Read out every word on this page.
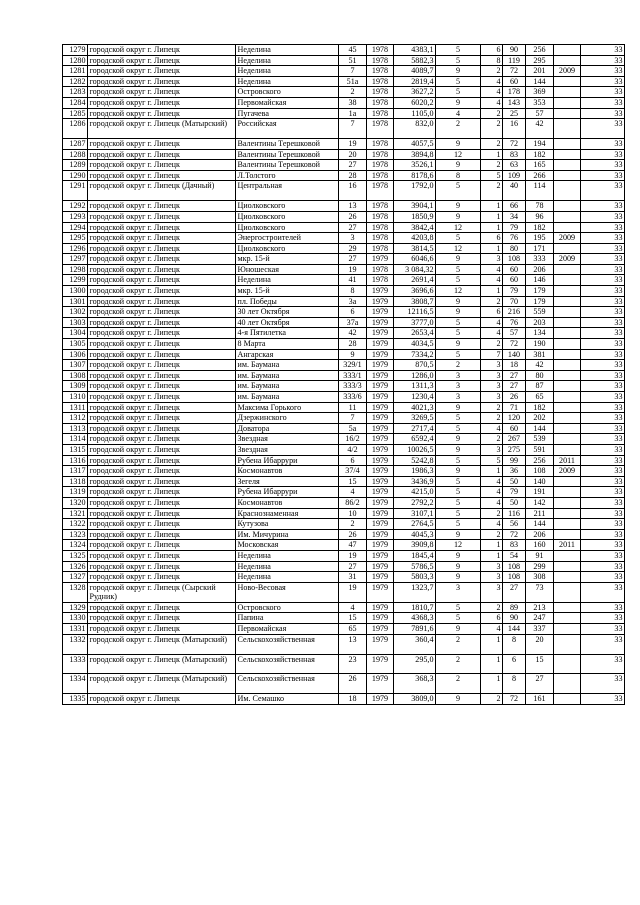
1279	городской округ г. Липецк	Неделина	45	1978	4383,1	5	6	90	256		33
1280	городской округ г. Липецк	Неделина	51	1978	5882,3	5	8	119	295		33
1281	городской округ г. Липецк	Неделина	7	1978	4089,7	9	2	72	201	2009	33
1282	городской округ г. Липецк	Неделина	51а	1978	2819,4	5	4	60	144		33
1283	городской округ г. Липецк	Островского	2	1978	3627,2	5	4	178	369		33
1284	городской округ г. Липецк	Первомайская	38	1978	6020,2	9	4	143	353		33
1285	городской округ г. Липецк	Пугачева	1а	1978	1105,0	4	2	25	57		33
1286	городской округ г. Липецк (Матырский)	Российская	7	1978	832,0	2	2	16	42		33
1287	городской округ г. Липецк	Валентины Терешковой	19	1978	4057,5	9	2	72	194		33
1288	городской округ г. Липецк	Валентины Терешковой	20	1978	3894,8	12	1	83	182		33
1289	городской округ г. Липецк	Валентины Терешковой	27	1978	3526,1	9	2	63	165		33
1290	городской округ г. Липецк	Л.Толстого	28	1978	8178,6	8	5	109	266		33
1291	городской округ г. Липецк (Дачный)	Центральная	16	1978	1792,0	5	2	40	114		33
1292	городской округ г. Липецк	Циолковского	13	1978	3904,1	9	1	66	78		33
1293	городской округ г. Липецк	Циолковского	26	1978	1850,9	9	1	34	96		33
1294	городской округ г. Липецк	Циолковского	27	1978	3842,4	12	1	79	182		33
1295	городской округ г. Липецк	Энергостроителей	3	1978	4203,8	5	6	76	195	2009	33
1296	городской округ г. Липецк	Циолковского	29	1978	3814,5	12	1	80	171		33
1297	городской округ г. Липецк	мкр. 15-й	27	1979	6046,6	9	3	108	333	2009	33
1298	городской округ г. Липецк	Юношеская	19	1978	3 084,32	5	4	60	206		33
1299	городской округ г. Липецк	Неделина	41	1978	2691,4	5	4	60	146		33
1300	городской округ г. Липецк	мкр. 15-й	8	1979	3696,6	12	1	79	179		33
1301	городской округ г. Липецк	пл. Победы	3а	1979	3808,7	9	2	70	179		33
1302	городской округ г. Липецк	30 лет Октября	6	1979	12116,5	9	6	216	559		33
1303	городской округ г. Липецк	40 лет Октября	37а	1979	3777,0	5	4	76	203		33
1304	городской округ г. Липецк	4-я Пятилетка	42	1979	2653,4	5	4	57	134		33
1305	городской округ г. Липецк	8 Марта	28	1979	4034,5	9	2	72	190		33
1306	городской округ г. Липецк	Ангарская	9	1979	7334,2	5	7	140	381		33
1307	городской округ г. Липецк	им. Баумана	329/1	1979	870,5	2	3	18	42		33
1308	городской округ г. Липецк	им. Баумана	333/1	1979	1286,0	3	3	27	80		33
1309	городской округ г. Липецк	им. Баумана	333/3	1979	1311,3	3	3	27	87		33
1310	городской округ г. Липецк	им. Баумана	333/6	1979	1230,4	3	3	26	65		33
1311	городской округ г. Липецк	Максима Горького	11	1979	4021,3	9	2	71	182		33
1312	городской округ г. Липецк	Дзержинского	7	1979	3269,5	5	2	120	202		33
1313	городской округ г. Липецк	Доватора	5а	1979	2717,4	5	4	60	144		33
1314	городской округ г. Липецк	Звездная	16/2	1979	6592,4	9	2	267	539		33
1315	городской округ г. Липецк	Звездная	4/2	1979	10026,5	9	3	275	591		33
1316	городской округ г. Липецк	Рубена Ибаррури	6	1979	5242,8	5	5	99	256	2011	33
1317	городской округ г. Липецк	Космонавтов	37/4	1979	1986,3	9	1	36	108	2009	33
1318	городской округ г. Липецк	Зегеля	15	1979	3436,9	5	4	50	140		33
1319	городской округ г. Липецк	Рубена Ибаррури	4	1979	4215,0	5	4	79	191		33
1320	городской округ г. Липецк	Космонавтов	86/2	1979	2792,2	5	4	50	142		33
1321	городской округ г. Липецк	Краснознаменная	10	1979	3107,1	5	2	116	211		33
1322	городской округ г. Липецк	Кутузова	2	1979	2764,5	5	4	56	144		33
1323	городской округ г. Липецк	Им. Мичурина	26	1979	4045,3	9	2	72	206		33
1324	городской округ г. Липецк	Московская	47	1979	3909,8	12	1	83	160	2011	33
1325	городской округ г. Липецк	Неделина	19	1979	1845,4	9	1	54	91		33
1326	городской округ г. Липецк	Неделина	27	1979	5786,5	9	3	108	299		33
1327	городской округ г. Липецк	Неделина	31	1979	5803,3	9	3	108	308		33
1328	городской округ г. Липецк (Сырский Рудник)	Ново-Весовая	19	1979	1323,7	3	3	27	73		33
1329	городской округ г. Липецк	Островского	4	1979	1810,7	5	2	89	213		33
1330	городской округ г. Липецк	Папина	15	1979	4368,3	5	6	90	247		33
1331	городской округ г. Липецк	Первомайская	65	1979	7891,6	9	4	144	337		33
1332	городской округ г. Липецк (Матырский)	Сельскохозяйственная	13	1979	360,4	2	1	8	20		33
1333	городской округ г. Липецк (Матырский)	Сельскохозяйственная	23	1979	295,0	2	1	6	15		33
1334	городской округ г. Липецк (Матырский)	Сельскохозяйственная	26	1979	368,3	2	1	8	27		33
1335	городской округ г. Липецк	Им. Семашко	18	1979	3809,0	9	2	72	161		33
